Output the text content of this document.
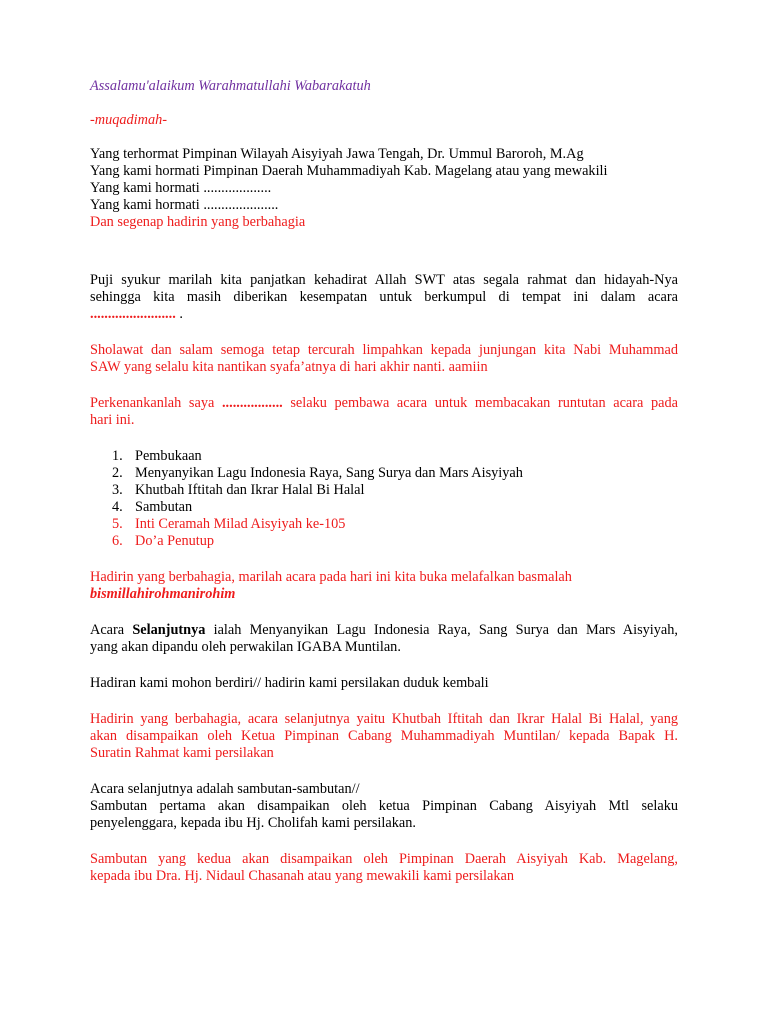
Assalamu'alaikum Warahmatullahi Wabarakatuh

-muqadimah-

Yang terhormat Pimpinan Wilayah Aisyiyah Jawa Tengah, Dr. Ummul Baroroh, M.Ag
Yang kami hormati Pimpinan Daerah Muhammadiyah Kab. Magelang atau yang mewakili
Yang kami hormati ...................
Yang kami hormati .....................
Dan segenap hadirin yang berbahagia
Puji syukur marilah kita panjatkan kehadirat Allah SWT atas segala rahmat dan hidayah-Nya
sehingga kita masih diberikan kesempatan untuk berkumpul di tempat ini dalam acara
........................ .
Sholawat dan salam semoga tetap tercurah limpahkan kepada junjungan kita Nabi Muhammad
SAW yang selalu kita nantikan syafa’atnya di hari akhir nanti. aamiin
Perkenankanlah saya ................. selaku pembawa acara untuk membacakan runtutan acara pada
hari ini.
1. Pembukaan
2. Menyanyikan Lagu Indonesia Raya, Sang Surya dan Mars Aisyiyah
3. Khutbah Iftitah dan Ikrar Halal Bi Halal
4. Sambutan
5. Inti Ceramah Milad Aisyiyah ke-105
6. Do’a Penutup
Hadirin yang berbahagia, marilah acara pada hari ini kita buka melafalkan basmalah
bismillahirohmanirohim
Acara Selanjutnya ialah Menyanyikan Lagu Indonesia Raya, Sang Surya dan Mars Aisyiyah,
yang akan dipandu oleh perwakilan IGABA Muntilan.

Hadiran kami mohon berdiri// hadirin kami persilakan duduk kembali

Hadirin yang berbahagia, acara selanjutnya yaitu Khutbah Iftitah dan Ikrar Halal Bi Halal, yang
akan disampaikan oleh Ketua Pimpinan Cabang Muhammadiyah Muntilan/ kepada Bapak H.
Suratin Rahmat kami persilakan
Acara selanjutnya adalah sambutan-sambutan//
Sambutan pertama akan disampaikan oleh ketua Pimpinan Cabang Aisyiyah Mtl selaku
penyelenggara, kepada ibu Hj. Cholifah kami persilakan.
Sambutan yang kedua akan disampaikan oleh Pimpinan Daerah Aisyiyah Kab. Magelang,
kepada ibu Dra. Hj. Nidaul Chasanah atau yang mewakili kami persilakan
